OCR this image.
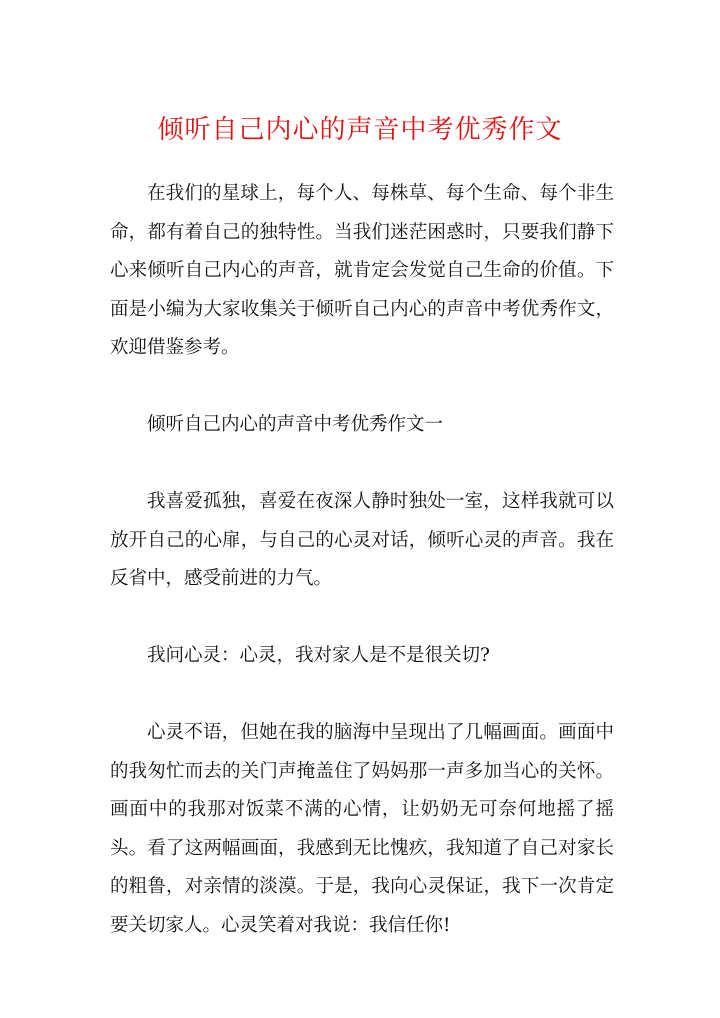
倾听自己内心的声音中考优秀作文

在我们的星球上，每个人、每株草、每个生命、每个非生命，都有着自己的独特性。当我们迷茫困惑时，只要我们静下心来倾听自己内心的声音，就肯定会发觉自己生命的价值。下面是小编为大家收集关于倾听自己内心的声音中考优秀作文，欢迎借鉴参考。

倾听自己内心的声音中考优秀作文一

我喜爱孤独，喜爱在夜深人静时独处一室，这样我就可以放开自己的心扉，与自己的心灵对话，倾听心灵的声音。我在反省中，感受前进的力气。

我问心灵：心灵，我对家人是不是很关切?

心灵不语，但她在我的脑海中呈现出了几幅画面。画面中的我匆忙而去的关门声掩盖住了妈妈那一声多加当心的关怀。画面中的我那对饭菜不满的心情，让奶奶无可奈何地摇了摇头。看了这两幅画面，我感到无比愧疚，我知道了自己对家长的粗鲁，对亲情的淡漠。于是，我向心灵保证，我下一次肯定要关切家人。心灵笑着对我说：我信任你!
